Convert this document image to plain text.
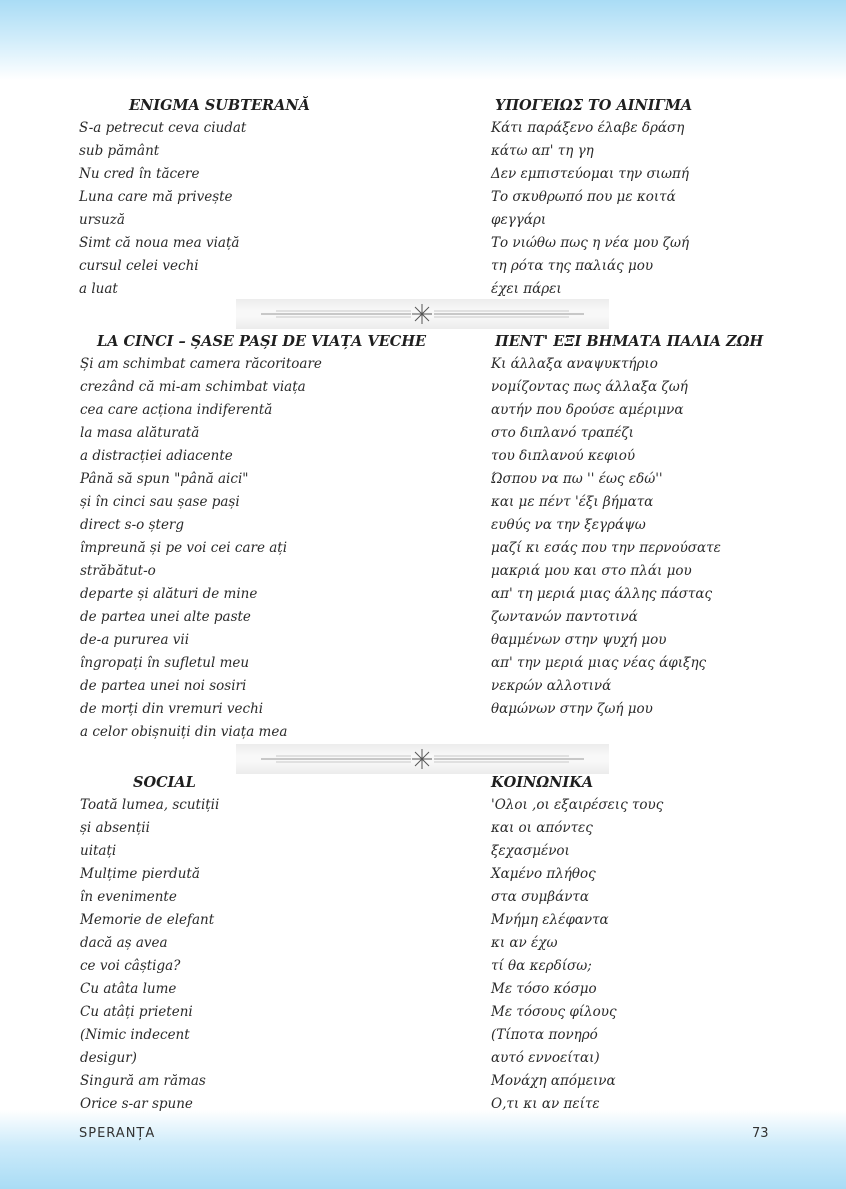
ENIGMA SUBTERANĂ
S-a petrecut ceva ciudat
sub pământ
Nu cred în tăcere
Luna care mă privește
ursuză
Simt că noua mea viață
cursul celei vechi
a luat
ΥΠΟΓΕΙΩΣ ΤΟ ΑΙΝΙΓΜΑ
Κάτι παράξενο έλαβε δράση
κάτω απ' τη γη
Δεν εμπιστεύομαι την σιωπή
Το σκυθρωπό που με κοιτά
φεγγάρι
Το νιώθω πως η νέα μου ζωή
τη ρότα της παλιάς μου
έχει πάρει
LA CINCI – ȘASE PAȘI DE VIAȚA VECHE
Și am schimbat camera răcoritoare
crezând că mi-am schimbat viața
cea care acționa indiferentă
la masa alăturată
a distracției adiacente
Până să spun "până aici"
și în cinci sau șase pași
direct s-o șterg
împreună și pe voi cei care ați
străbătut-o
departe și alături de mine
de partea unei alte paste
de-a pururea vii
îngropați în sufletul meu
de partea unei noi sosiri
de morți din vremuri vechi
a celor obișnuiți din viața mea
ΠΕΝΤ' ΕΞΙ ΒΗΜΑΤΑ ΠΑΛΙΑ ΖΩΗ
Κι άλλαξα αναψυκτήριο
νομίζοντας πως άλλαξα ζωή
αυτήν που δρούσε αμέριμνα
στο διπλανό τραπέζι
του διπλανού κεφιού
Ώσπου να πω '' έως εδώ''
και με πέντ 'έξι βήματα
ευθύς να την ξεγράψω
μαζί κι εσάς που την περνούσατε
μακριά μου και στο πλάι μου
απ' τη μεριά μιας άλλης πάστας
ζωντανών παντοτινά
θαμμένων στην ψυχή μου
απ' την μεριά μιας νέας άφιξης
νεκρών αλλοτινά
θαμώνων στην ζωή μου
SOCIAL
Toată lumea, scutiții
și absenții
uitați
Mulțime pierdută
în evenimente
Memorie de elefant
dacă aș avea
ce voi câștiga?
Cu atâta lume
Cu atâți prieteni
(Nimic indecent
desigur)
Singură am rămas
Orice s-ar spune
ΚΟΙΝΩΝΙΚΑ
'Ολοι ,οι εξαιρέσεις τους
και οι απόντες
ξεχασμένοι
Χαμένο πλήθος
στα συμβάντα
Μνήμη ελέφαντα
κι αν έχω
τί θα κερδίσω;
Με τόσο κόσμο
Με τόσους φίλους
(Τίποτα πονηρό
αυτό εννοείται)
Μονάχη απόμεινα
Ο,τι κι αν πείτε
SPERANȚA	73
